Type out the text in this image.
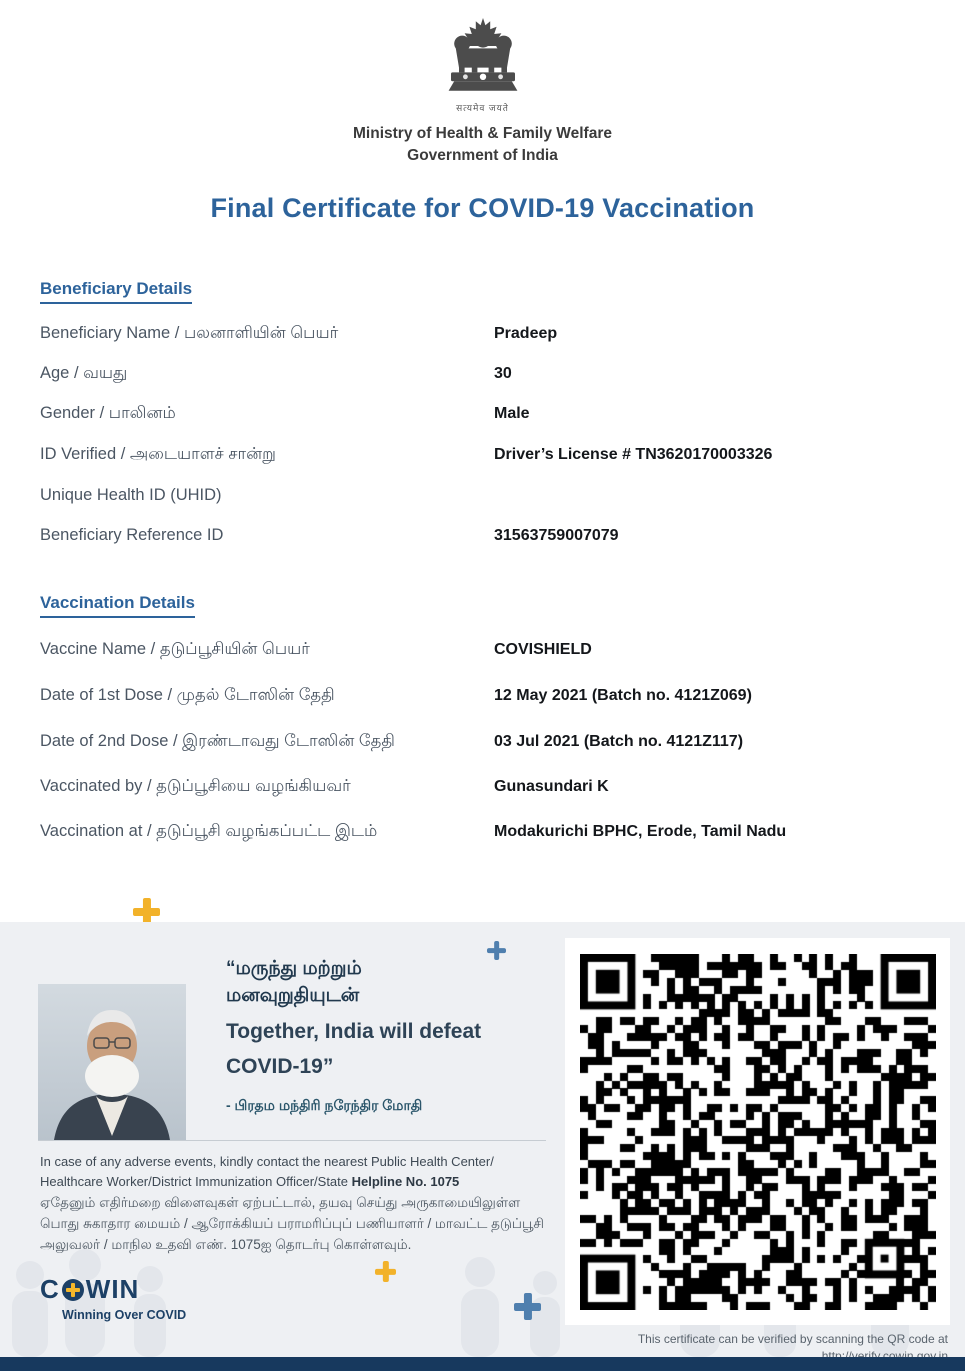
सत्यमेव जयते
Ministry of Health & Family Welfare
Government of India
Final Certificate for COVID-19 Vaccination
Beneficiary Details
Beneficiary Name / பலனாளியின் பெயர்	Pradeep
Age / வயது	30
Gender / பாலினம்	Male
ID Verified / அடையாளச் சான்று	Driver’s License # TN3620170003326
Unique Health ID (UHID)
Beneficiary Reference ID	31563759007079
Vaccination Details
Vaccine Name / தடுப்பூசியின் பெயர்	COVISHIELD
Date of 1st Dose / முதல் டோஸின் தேதி	12 May 2021 (Batch no. 4121Z069)
Date of 2nd Dose / இரண்டாவது டோஸின் தேதி	03 Jul 2021 (Batch no. 4121Z117)
Vaccinated by / தடுப்பூசியை வழங்கியவர்	Gunasundari K
Vaccination at / தடுப்பூசி வழங்கப்பட்ட இடம்	Modakurichi BPHC, Erode, Tamil Nadu
“மருந்து மற்றும்
மனவுறுதியுடன்
Together, India will defeat
COVID-19”
- பிரதம மந்திரி நரேந்திர மோதி

In case of any adverse events, kindly contact the nearest Public Health Center/ Healthcare Worker/District Immunization Officer/State Helpline No. 1075

ஏதேனும் எதிர்மறை விளைவுகள் ஏற்பட்டால், தயவு செய்து அருகாமையிலுள்ள பொது சுகாதார மையம் / ஆரோக்கியப் பராமரிப்புப் பணியாளர் / மாவட்ட தடுப்பூசி அலுவலர் / மாநில உதவி எண். 1075ஐ தொடர்பு கொள்ளவும்.

C WIN
Winning Over COVID
This certificate can be verified by scanning the QR code at
